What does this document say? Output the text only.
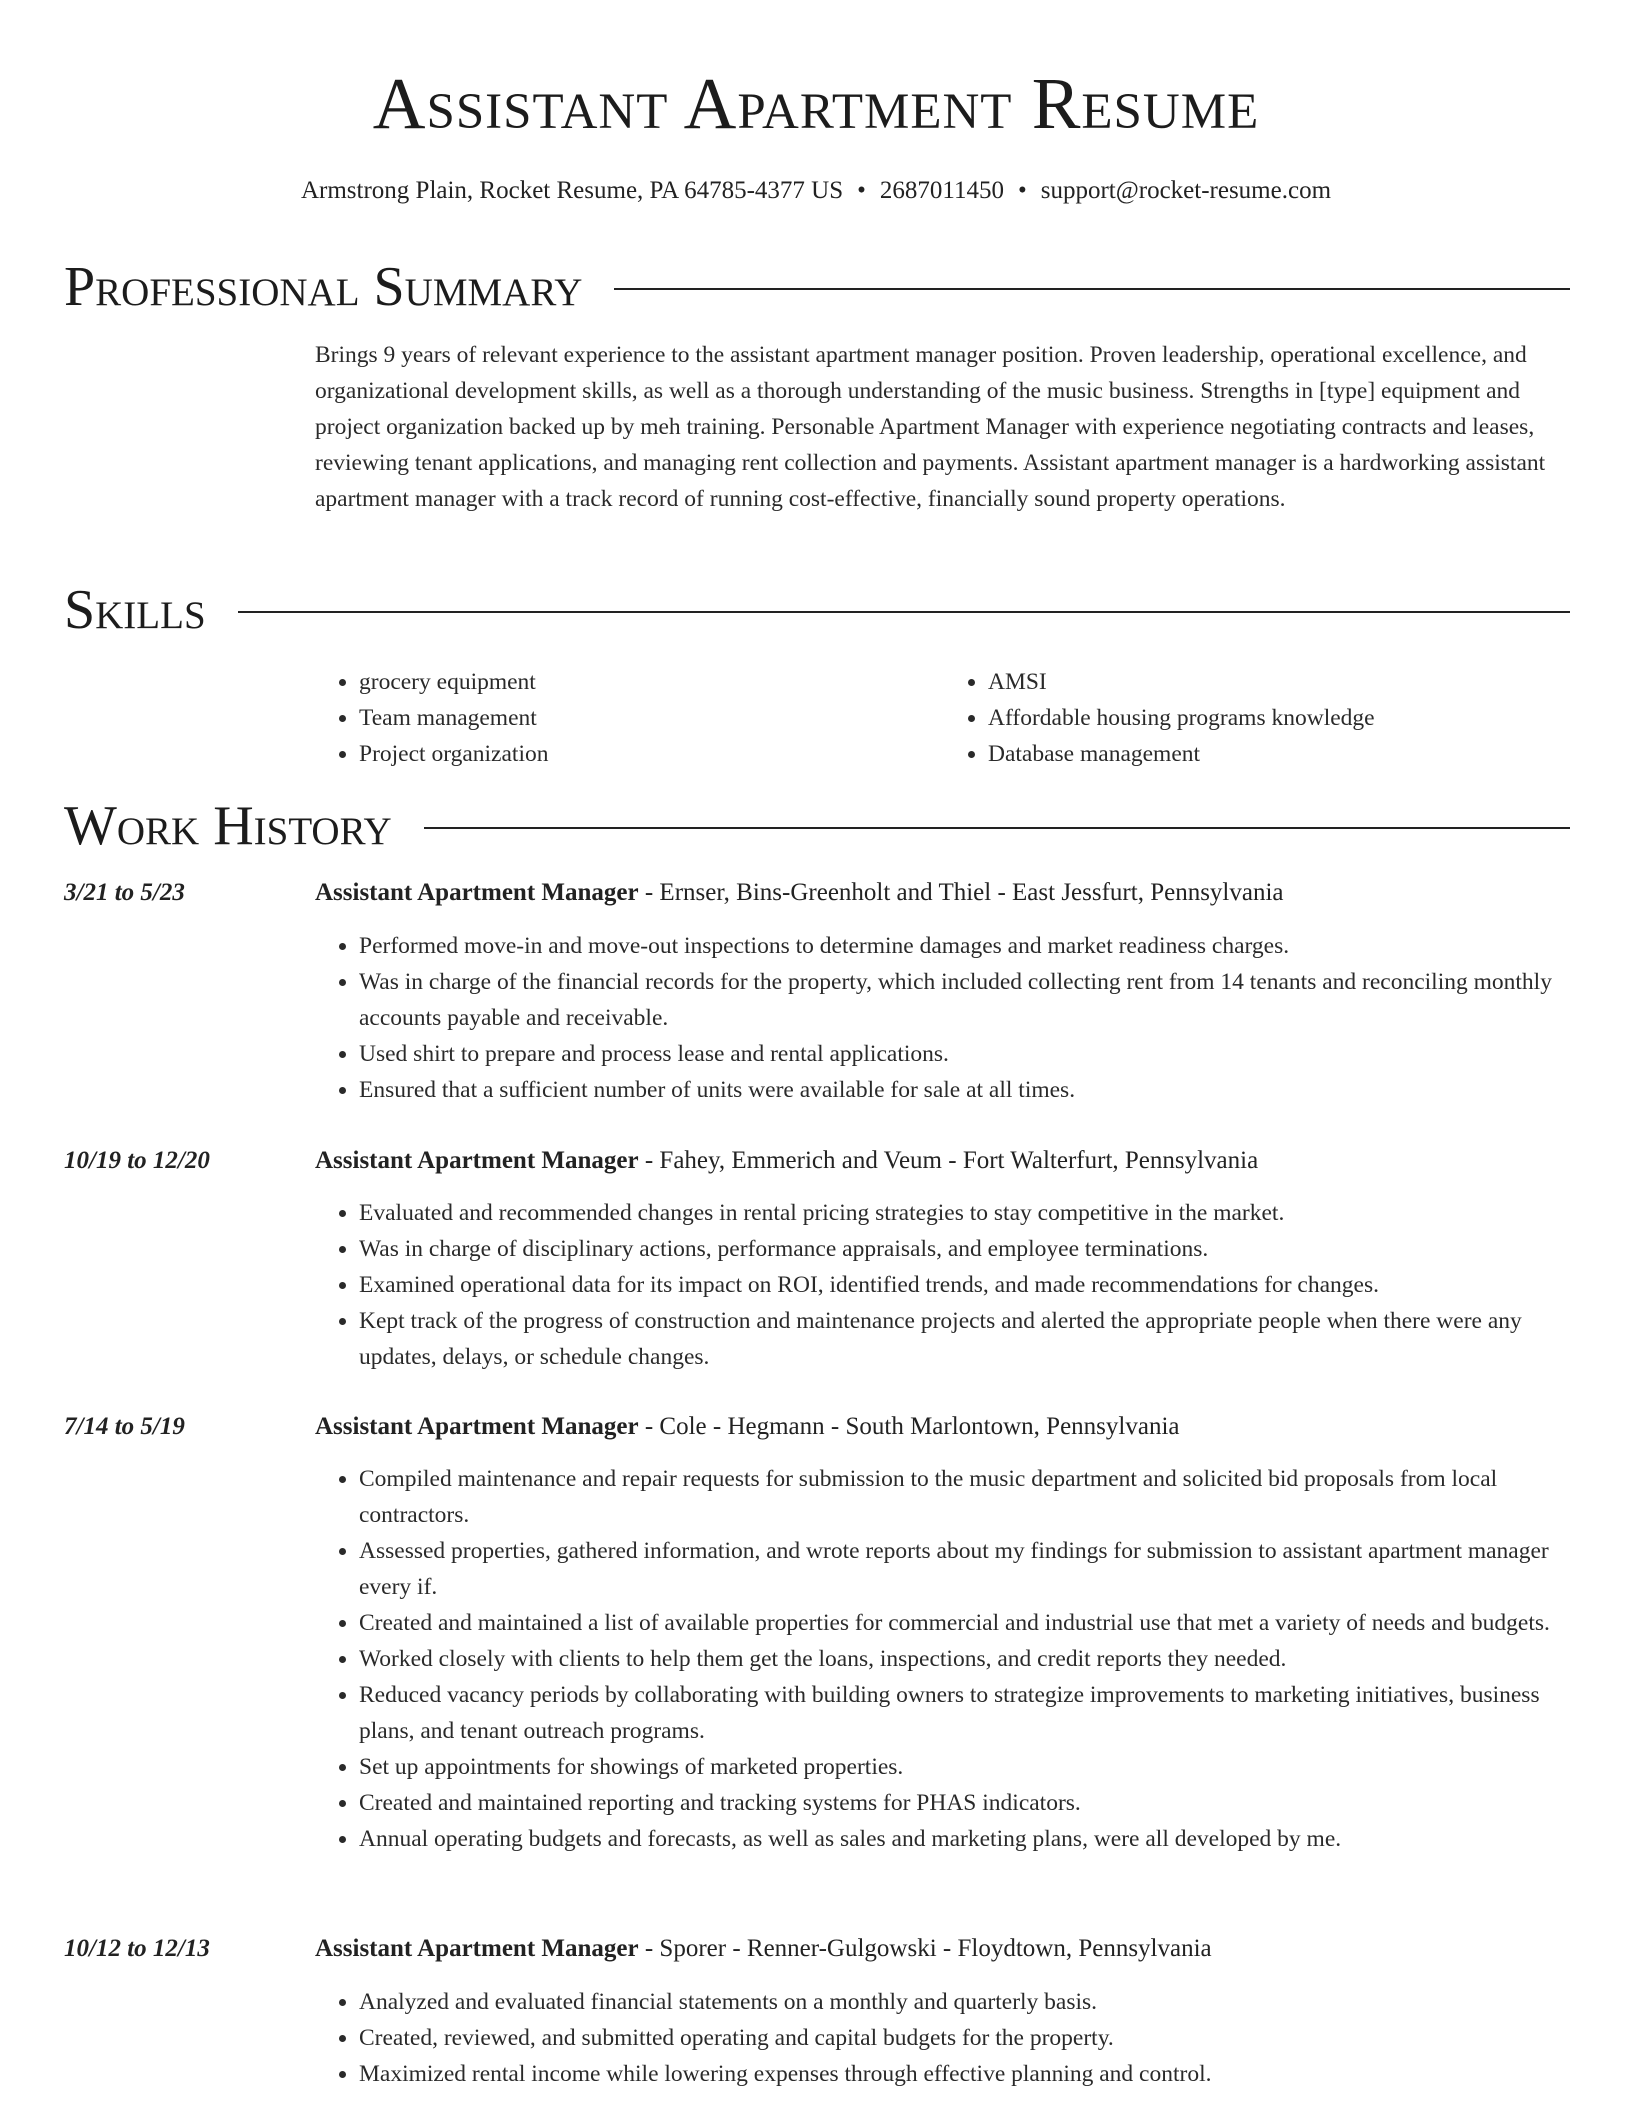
Assistant Apartment Resume
Armstrong Plain, Rocket Resume, PA 64785-4377 US • 2687011450 • support@rocket-resume.com
Professional Summary

Brings 9 years of relevant experience to the assistant apartment manager position. Proven leadership, operational excellence, and organizational development skills, as well as a thorough understanding of the music business. Strengths in [type] equipment and project organization backed up by meh training. Personable Apartment Manager with experience negotiating contracts and leases, reviewing tenant applications, and managing rent collection and payments. Assistant apartment manager is a hardworking assistant apartment manager with a track record of running cost-effective, financially sound property operations.

Skills
• grocery equipment
• Team management
• Project organization
• AMSI
• Affordable housing programs knowledge
• Database management
Work History
3/21 to 5/23	Assistant Apartment Manager - Ernser, Bins-Greenholt and Thiel - East Jessfurt, Pennsylvania
• Performed move-in and move-out inspections to determine damages and market readiness charges.
• Was in charge of the financial records for the property, which included collecting rent from 14 tenants and reconciling monthly accounts payable and receivable.
• Used shirt to prepare and process lease and rental applications.
• Ensured that a sufficient number of units were available for sale at all times.
10/19 to 12/20	Assistant Apartment Manager - Fahey, Emmerich and Veum - Fort Walterfurt, Pennsylvania
• Evaluated and recommended changes in rental pricing strategies to stay competitive in the market.
• Was in charge of disciplinary actions, performance appraisals, and employee terminations.
• Examined operational data for its impact on ROI, identified trends, and made recommendations for changes.
• Kept track of the progress of construction and maintenance projects and alerted the appropriate people when there were any updates, delays, or schedule changes.
7/14 to 5/19	Assistant Apartment Manager - Cole - Hegmann - South Marlontown, Pennsylvania
• Compiled maintenance and repair requests for submission to the music department and solicited bid proposals from local contractors.
• Assessed properties, gathered information, and wrote reports about my findings for submission to assistant apartment manager every if.
• Created and maintained a list of available properties for commercial and industrial use that met a variety of needs and budgets.
• Worked closely with clients to help them get the loans, inspections, and credit reports they needed.
• Reduced vacancy periods by collaborating with building owners to strategize improvements to marketing initiatives, business plans, and tenant outreach programs.
• Set up appointments for showings of marketed properties.
• Created and maintained reporting and tracking systems for PHAS indicators.
• Annual operating budgets and forecasts, as well as sales and marketing plans, were all developed by me.
10/12 to 12/13	Assistant Apartment Manager - Sporer - Renner-Gulgowski - Floydtown, Pennsylvania
• Analyzed and evaluated financial statements on a monthly and quarterly basis.
• Created, reviewed, and submitted operating and capital budgets for the property.
• Maximized rental income while lowering expenses through effective planning and control.
